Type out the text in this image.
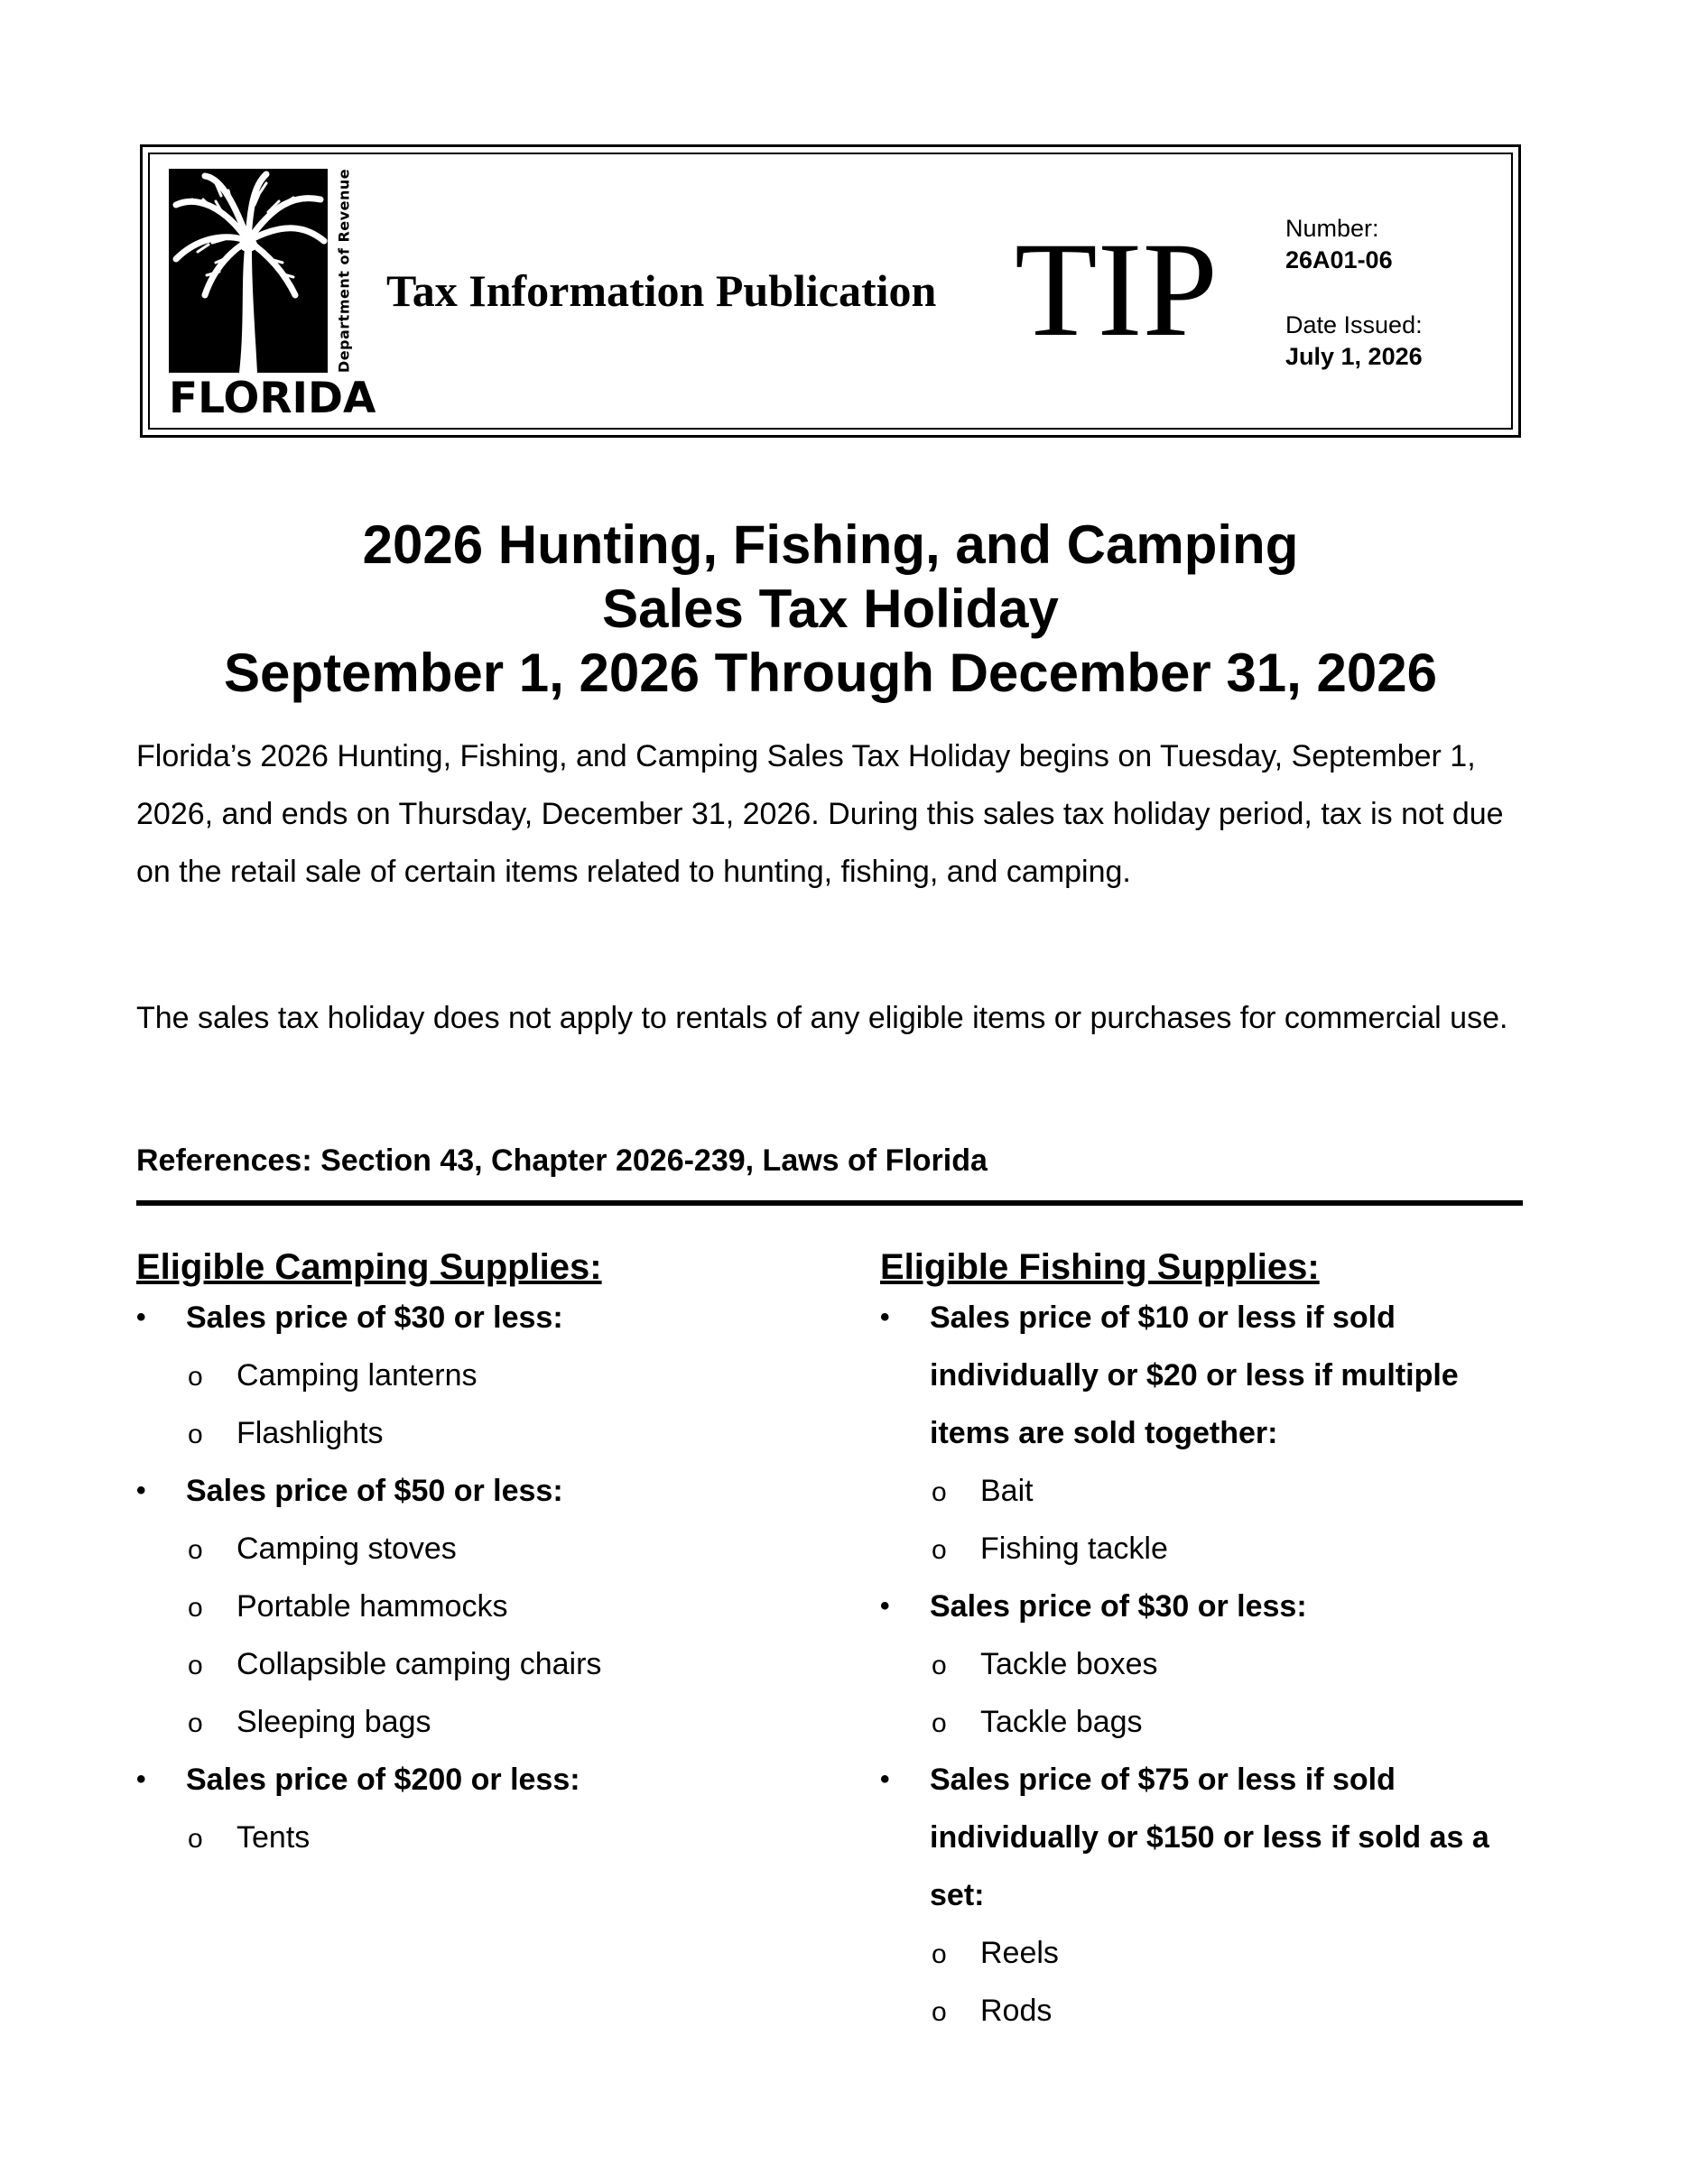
Department of Revenue
FLORIDA
Tax Information Publication TIP	Number:
26A01-06
Date Issued:
July 1, 2026
2026 Hunting, Fishing, and Camping
Sales Tax Holiday
September 1, 2026 Through December 31, 2026
Florida’s 2026 Hunting, Fishing, and Camping Sales Tax Holiday begins on Tuesday, September 1, 2026, and ends on Thursday, December 31, 2026. During this sales tax holiday period, tax is not due on the retail sale of certain items related to hunting, fishing, and camping.
The sales tax holiday does not apply to rentals of any eligible items or purchases for commercial use.
References: Section 43, Chapter 2026-239, Laws of Florida
Eligible Camping Supplies:
• Sales price of $30 or less:
o Camping lanterns
o Flashlights
• Sales price of $50 or less:
o Camping stoves
o Portable hammocks
o Collapsible camping chairs
o Sleeping bags
• Sales price of $200 or less:
o Tents
Eligible Fishing Supplies:
• Sales price of $10 or less if sold individually or $20 or less if multiple items are sold together:
o Bait
o Fishing tackle
• Sales price of $30 or less:
o Tackle boxes
o Tackle bags
• Sales price of $75 or less if sold individually or $150 or less if sold as a set:
o Reels
o Rods
